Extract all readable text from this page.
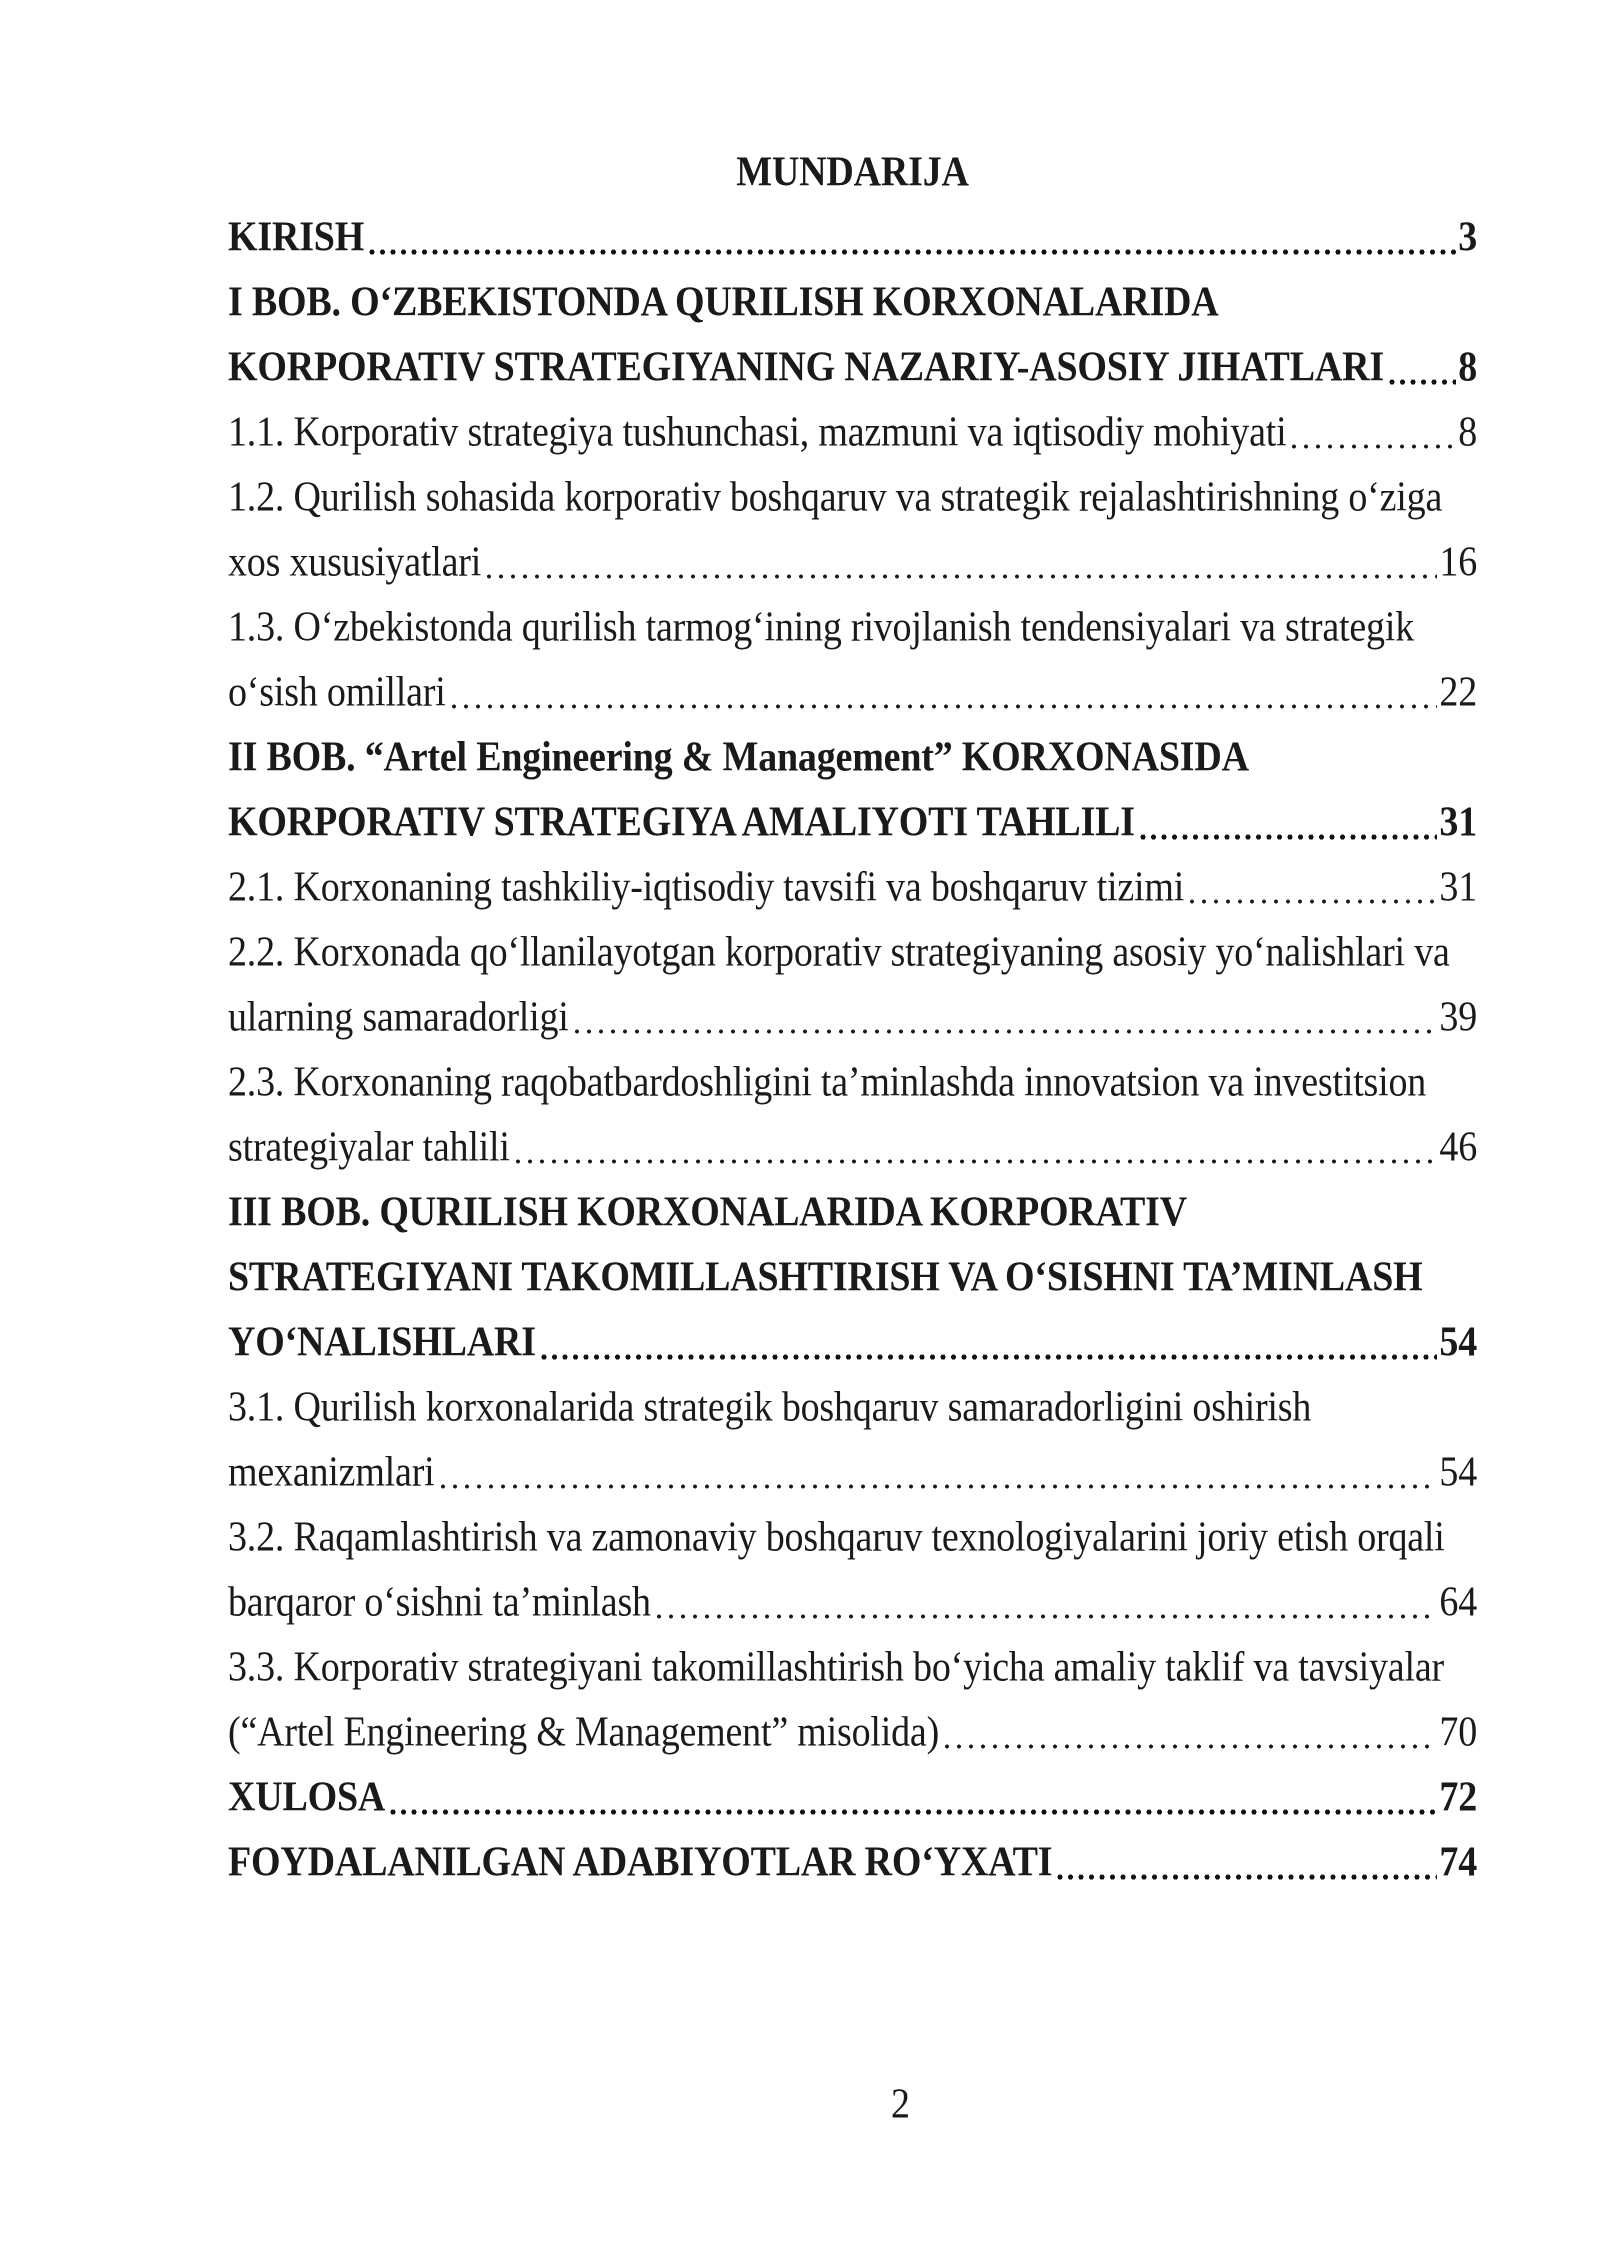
MUNDARIJA
KIRISH	3
I BOB. O‘ZBEKISTONDA QURILISH KORXONALARIDA
KORPORATIV STRATEGIYANING NAZARIY-ASOSIY JIHATLARI 8
1.1. Korporativ strategiya tushunchasi, mazmuni va iqtisodiy mohiyati	8
1.2. Qurilish sohasida korporativ boshqaruv va strategik rejalashtirishning o‘ziga
xos xususiyatlari	16
1.3. O‘zbekistonda qurilish tarmog‘ining rivojlanish tendensiyalari va strategik
o‘sish omillari	22
II BOB. “Artel Engineering & Management” KORXONASIDA
KORPORATIV STRATEGIYA AMALIYOTI TAHLILI	31
2.1. Korxonaning tashkiliy-iqtisodiy tavsifi va boshqaruv tizimi	31
2.2. Korxonada qo‘llanilayotgan korporativ strategiyaning asosiy yo‘nalishlari va
ularning samaradorligi	39
2.3. Korxonaning raqobatbardoshligini ta’minlashda innovatsion va investitsion
strategiyalar tahlili	46
III BOB. QURILISH KORXONALARIDA KORPORATIV
STRATEGIYANI TAKOMILLASHTIRISH VA O‘SISHNI TA’MINLASH
YO‘NALISHLARI	54
3.1. Qurilish korxonalarida strategik boshqaruv samaradorligini oshirish
mexanizmlari	54
3.2. Raqamlashtirish va zamonaviy boshqaruv texnologiyalarini joriy etish orqali
barqaror o‘sishni ta’minlash	64
3.3. Korporativ strategiyani takomillashtirish bo‘yicha amaliy taklif va tavsiyalar
(“Artel Engineering & Management” misolida)	70
XULOSA	72
FOYDALANILGAN ADABIYOTLAR RO‘YXATI	74
2
